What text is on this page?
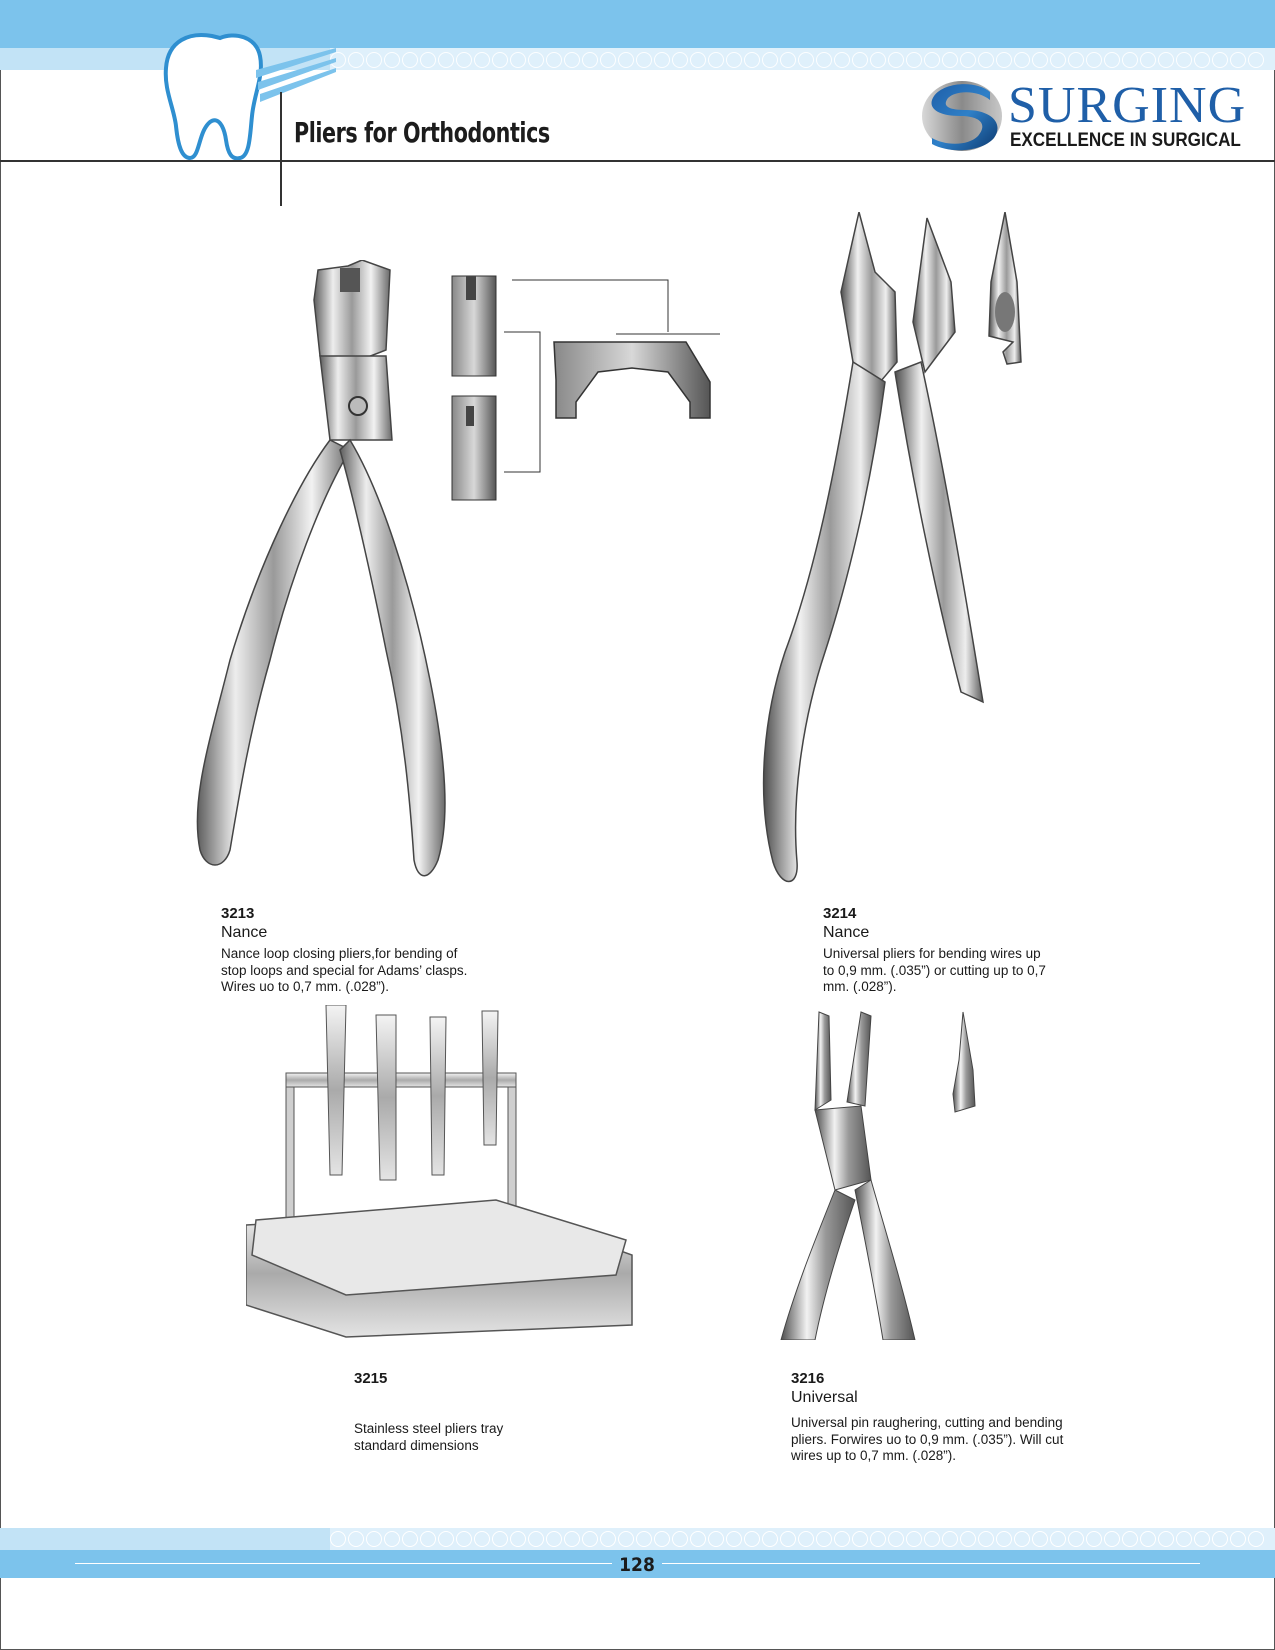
Pliers for Orthodontics	SURGING
EXCELLENCE IN SURGICAL
3213
Nance
Nance loop closing pliers,for bending of
stop loops and special for Adams’ clasps.
Wires uo to 0,7 mm. (.028”).
3214
Nance
Universal pliers for bending wires up
to 0,9 mm. (.035”) or cutting up to 0,7
mm. (.028”).
3215
Stainless steel pliers tray
standard dimensions
3216
Universal
Universal pin raughering, cutting and bending
pliers. Forwires uo to 0,9 mm. (.035”). Will cut
wires up to 0,7 mm. (.028”).
128
